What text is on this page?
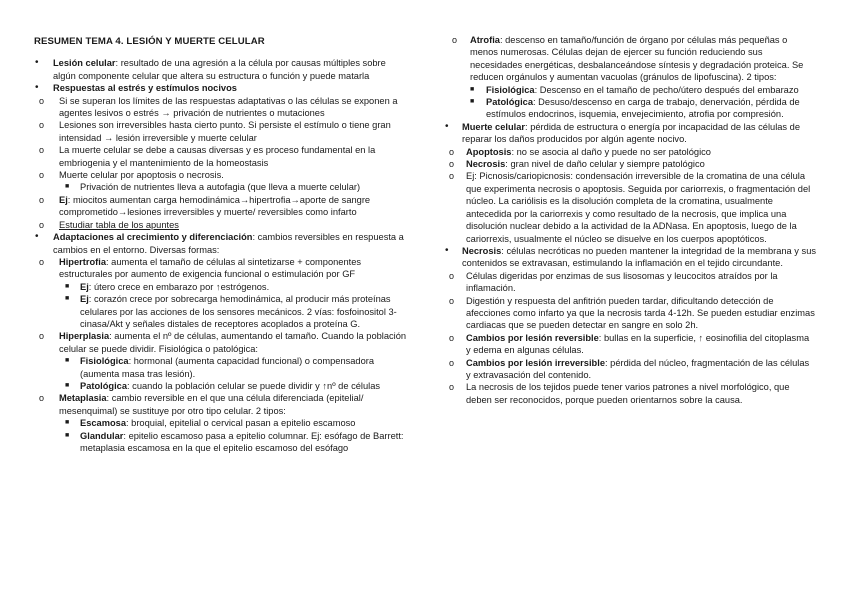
RESUMEN TEMA 4. LESIÓN Y MUERTE CELULAR
• Lesión celular: resultado de una agresión a la célula por causas múltiples sobre algún componente celular que altera su estructura o función y puede matarla
• Respuestas al estrés y estímulos nocivos
o Si se superan los límites de las respuestas adaptativas o las células se exponen a agentes lesivos o estrés → privación de nutrientes o mutaciones
o Lesiones son irreversibles hasta cierto punto. Si persiste el estímulo o tiene gran intensidad → lesión irreversible y muerte celular
o La muerte celular se debe a causas diversas y es proceso fundamental en la embriogenia y el mantenimiento de la homeostasis
o Muerte celular por apoptosis o necrosis.
■ Privación de nutrientes lleva a autofagia (que lleva a muerte celular)
o Ej: miocitos aumentan carga hemodinámica→hipertrofia→aporte de sangre comprometido→lesiones irreversibles y muerte/ reversibles como infarto
o Estudiar tabla de los apuntes
• Adaptaciones al crecimiento y diferenciación: cambios reversibles en respuesta a cambios en el entorno. Diversas formas:
o Hipertrofia: aumenta el tamaño de células al sintetizarse + componentes estructurales por aumento de exigencia funcional o estimulación por GF
■ Ej: útero crece en embarazo por ↑estrógenos.
■ Ej: corazón crece por sobrecarga hemodinámica, al producir más proteínas celulares por las acciones de los sensores mecánicos. 2 vías: fosfoinositol 3-cinasa/Akt y señales distales de receptores acoplados a proteína G.
o Hiperplasia: aumenta el nº de células, aumentando el tamaño. Cuando la población celular se puede dividir. Fisiológica o patológica:
■ Fisiológica: hormonal (aumenta capacidad funcional) o compensadora (aumenta masa tras lesión).
■ Patológica: cuando la población celular se puede dividir y ↑nº de células
o Metaplasia: cambio reversible en el que una célula diferenciada (epitelial/ mesenquimal) se sustituye por otro tipo celular. 2 tipos:
■ Escamosa: broquial, epitelial o cervical pasan a epitelio escamoso
■ Glandular: epitelio escamoso pasa a epitelio columnar. Ej: esófago de Barrett: metaplasia escamosa en la que el epitelio escamoso del esófago
o Atrofia: descenso en tamaño/función de órgano por células más pequeñas o menos numerosas. Células dejan de ejercer su función reduciendo sus necesidades energéticas, desbalanceándose síntesis y degradación proteica. Se reducen orgánulos y aumentan vacuolas (gránulos de lipofuscina). 2 tipos:
■ Fisiológica: Descenso en el tamaño de pecho/útero después del embarazo
■ Patológica: Desuso/descenso en carga de trabajo, denervación, pérdida de estímulos endocrinos, isquemia, envejecimiento, atrofia por compresión.
• Muerte celular: pérdida de estructura o energía por incapacidad de las células de reparar los daños producidos por algún agente nocivo.
o Apoptosis: no se asocia al daño y puede no ser patológico
o Necrosis: gran nivel de daño celular y siempre patológico
o Ej: Picnosis/cariopicnosis: condensación irreversible de la cromatina de una célula que experimenta necrosis o apoptosis. Seguida por cariorrexis, o fragmentación del núcleo. La cariólisis es la disolución completa de la cromatina, usualmente antecedida por la cariorrexis y como resultado de la necrosis, que implica una disolución nuclear debido a la actividad de la ADNasa. En apoptosis, luego de la cariorrexis, usualmente el núcleo se disuelve en los cuerpos apoptóticos.
• Necrosis: células necróticas no pueden mantener la integridad de la membrana y sus contenidos se extravasan, estimulando la inflamación en el tejido circundante.
o Células digeridas por enzimas de sus lisosomas y leucocitos atraídos por la inflamación.
o Digestión y respuesta del anfitrión pueden tardar, dificultando detección de afecciones como infarto ya que la necrosis tarda 4-12h. Se pueden estudiar enzimas cardiacas que se pueden detectar en sangre en solo 2h.
o Cambios por lesión reversible: bullas en la superficie, ↑ eosinofilia del citoplasma y edema en algunas células.
o Cambios por lesión irreversible: pérdida del núcleo, fragmentación de las células y extravasación del contenido.
o La necrosis de los tejidos puede tener varios patrones a nivel morfológico, que deben ser reconocidos, porque pueden orientarnos sobre la causa.
